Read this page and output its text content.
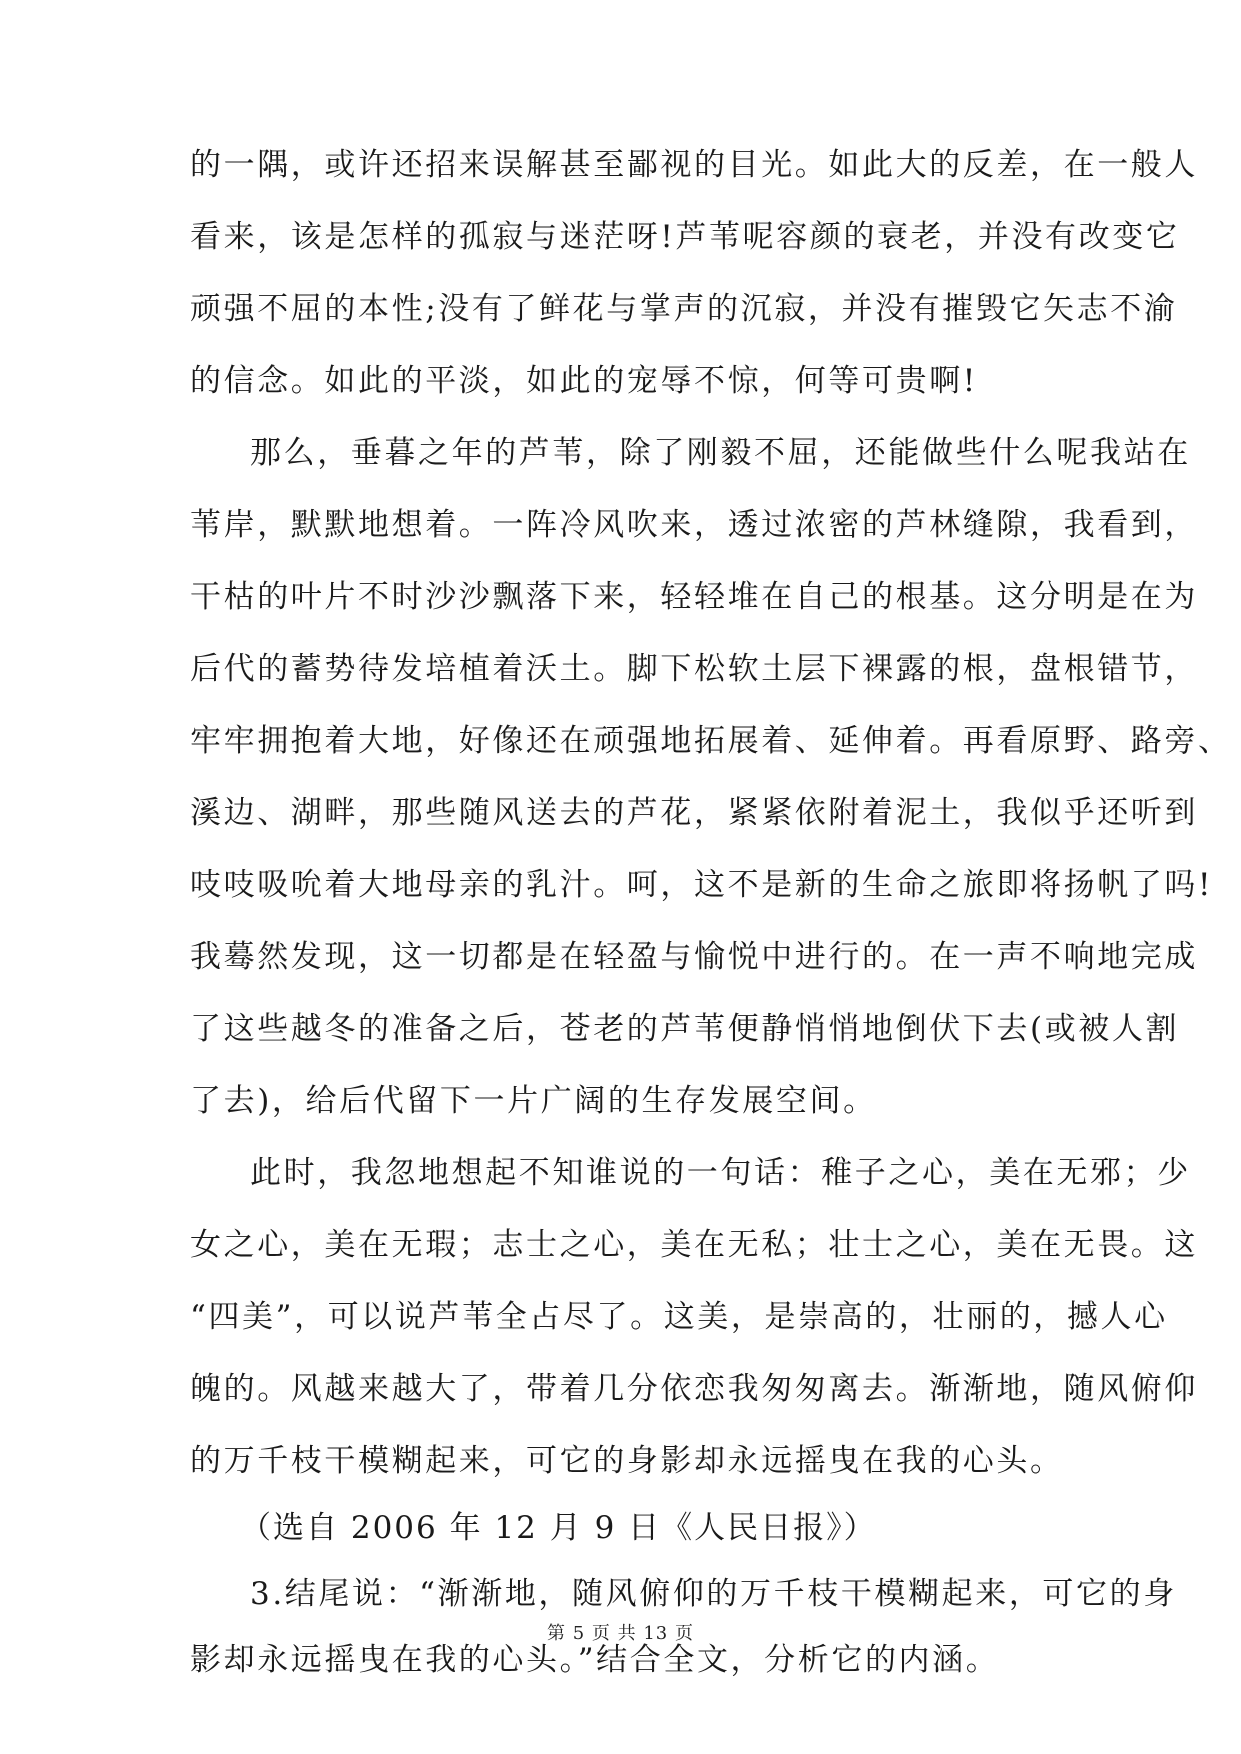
的一隅，或许还招来误解甚至鄙视的目光。如此大的反差，在一般人
看来，该是怎样的孤寂与迷茫呀!芦苇呢容颜的衰老，并没有改变它
顽强不屈的本性;没有了鲜花与掌声的沉寂，并没有摧毁它矢志不渝
的信念。如此的平淡，如此的宠辱不惊，何等可贵啊!
那么，垂暮之年的芦苇，除了刚毅不屈，还能做些什么呢我站在
苇岸，默默地想着。一阵冷风吹来，透过浓密的芦林缝隙，我看到，
干枯的叶片不时沙沙飘落下来，轻轻堆在自己的根基。这分明是在为
后代的蓄势待发培植着沃土。脚下松软土层下裸露的根，盘根错节，
牢牢拥抱着大地，好像还在顽强地拓展着、延伸着。再看原野、路旁、
溪边、湖畔，那些随风送去的芦花，紧紧依附着泥土，我似乎还听到
吱吱吸吮着大地母亲的乳汁。呵，这不是新的生命之旅即将扬帆了吗!
我蓦然发现，这一切都是在轻盈与愉悦中进行的。在一声不响地完成
了这些越冬的准备之后，苍老的芦苇便静悄悄地倒伏下去(或被人割
了去)，给后代留下一片广阔的生存发展空间。
此时，我忽地想起不知谁说的一句话：稚子之心，美在无邪；少
女之心，美在无瑕；志士之心，美在无私；壮士之心，美在无畏。这
“四美”，可以说芦苇全占尽了。这美，是崇高的，壮丽的，撼人心
魄的。风越来越大了，带着几分依恋我匆匆离去。渐渐地，随风俯仰
的万千枝干模糊起来，可它的身影却永远摇曳在我的心头。
（选自 2006 年 12 月 9 日《人民日报》）
3.结尾说：“渐渐地，随风俯仰的万千枝干模糊起来，可它的身
影却永远摇曳在我的心头。”结合全文，分析它的内涵。
第 5 页 共 13 页
